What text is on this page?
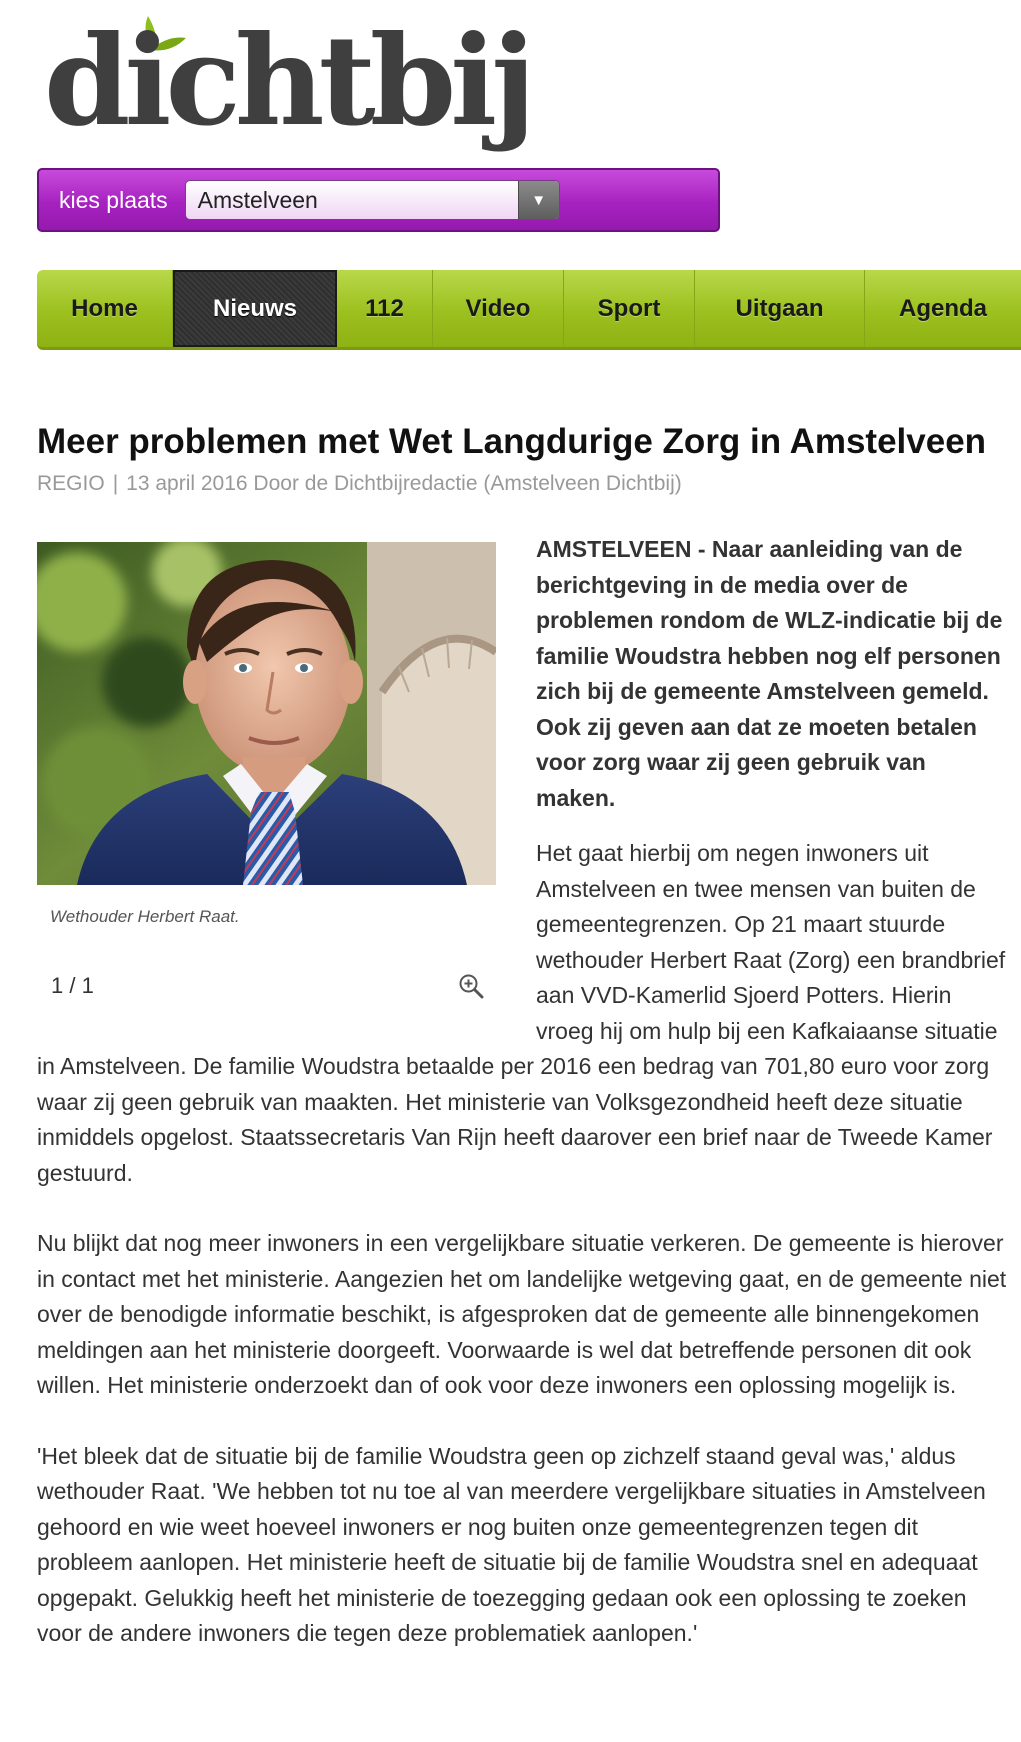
dichtbij
kies plaats Amstelveen	▼
Home	Nieuws	112	Video	Sport	Uitgaan	Agenda
Meer problemen met Wet Langdurige Zorg in Amstelveen
REGIO | 13 april 2016 Door de Dichtbijredactie (Amstelveen Dichtbij)
Wethouder Herbert Raat.
1 / 1

AMSTELVEEN - Naar aanleiding van de berichtgeving in de media over de problemen rondom de WLZ-indicatie bij de familie Woudstra hebben nog elf personen zich bij de gemeente Amstelveen gemeld. Ook zij geven aan dat ze moeten betalen voor zorg waar zij geen gebruik van maken.

Het gaat hierbij om negen inwoners uit Amstelveen en twee mensen van buiten de gemeentegrenzen. Op 21 maart stuurde wethouder Herbert Raat (Zorg) een brandbrief aan VVD-Kamerlid Sjoerd Potters. Hierin vroeg hij om hulp bij een Kafkaiaanse situatie in Amstelveen. De familie Woudstra betaalde per 2016 een bedrag van 701,80 euro voor zorg waar zij geen gebruik van maakten. Het ministerie van Volksgezondheid heeft deze situatie inmiddels opgelost. Staatssecretaris Van Rijn heeft daarover een brief naar de Tweede Kamer gestuurd.

Nu blijkt dat nog meer inwoners in een vergelijkbare situatie verkeren. De gemeente is hierover in contact met het ministerie. Aangezien het om landelijke wetgeving gaat, en de gemeente niet over de benodigde informatie beschikt, is afgesproken dat de gemeente alle binnengekomen meldingen aan het ministerie doorgeeft. Voorwaarde is wel dat betreffende personen dit ook willen. Het ministerie onderzoekt dan of ook voor deze inwoners een oplossing mogelijk is.

'Het bleek dat de situatie bij de familie Woudstra geen op zichzelf staand geval was,' aldus wethouder Raat. 'We hebben tot nu toe al van meerdere vergelijkbare situaties in Amstelveen gehoord en wie weet hoeveel inwoners er nog buiten onze gemeentegrenzen tegen dit probleem aanlopen. Het ministerie heeft de situatie bij de familie Woudstra snel en adequaat opgepakt. Gelukkig heeft het ministerie de toezegging gedaan ook een oplossing te zoeken voor de andere inwoners die tegen deze problematiek aanlopen.'
